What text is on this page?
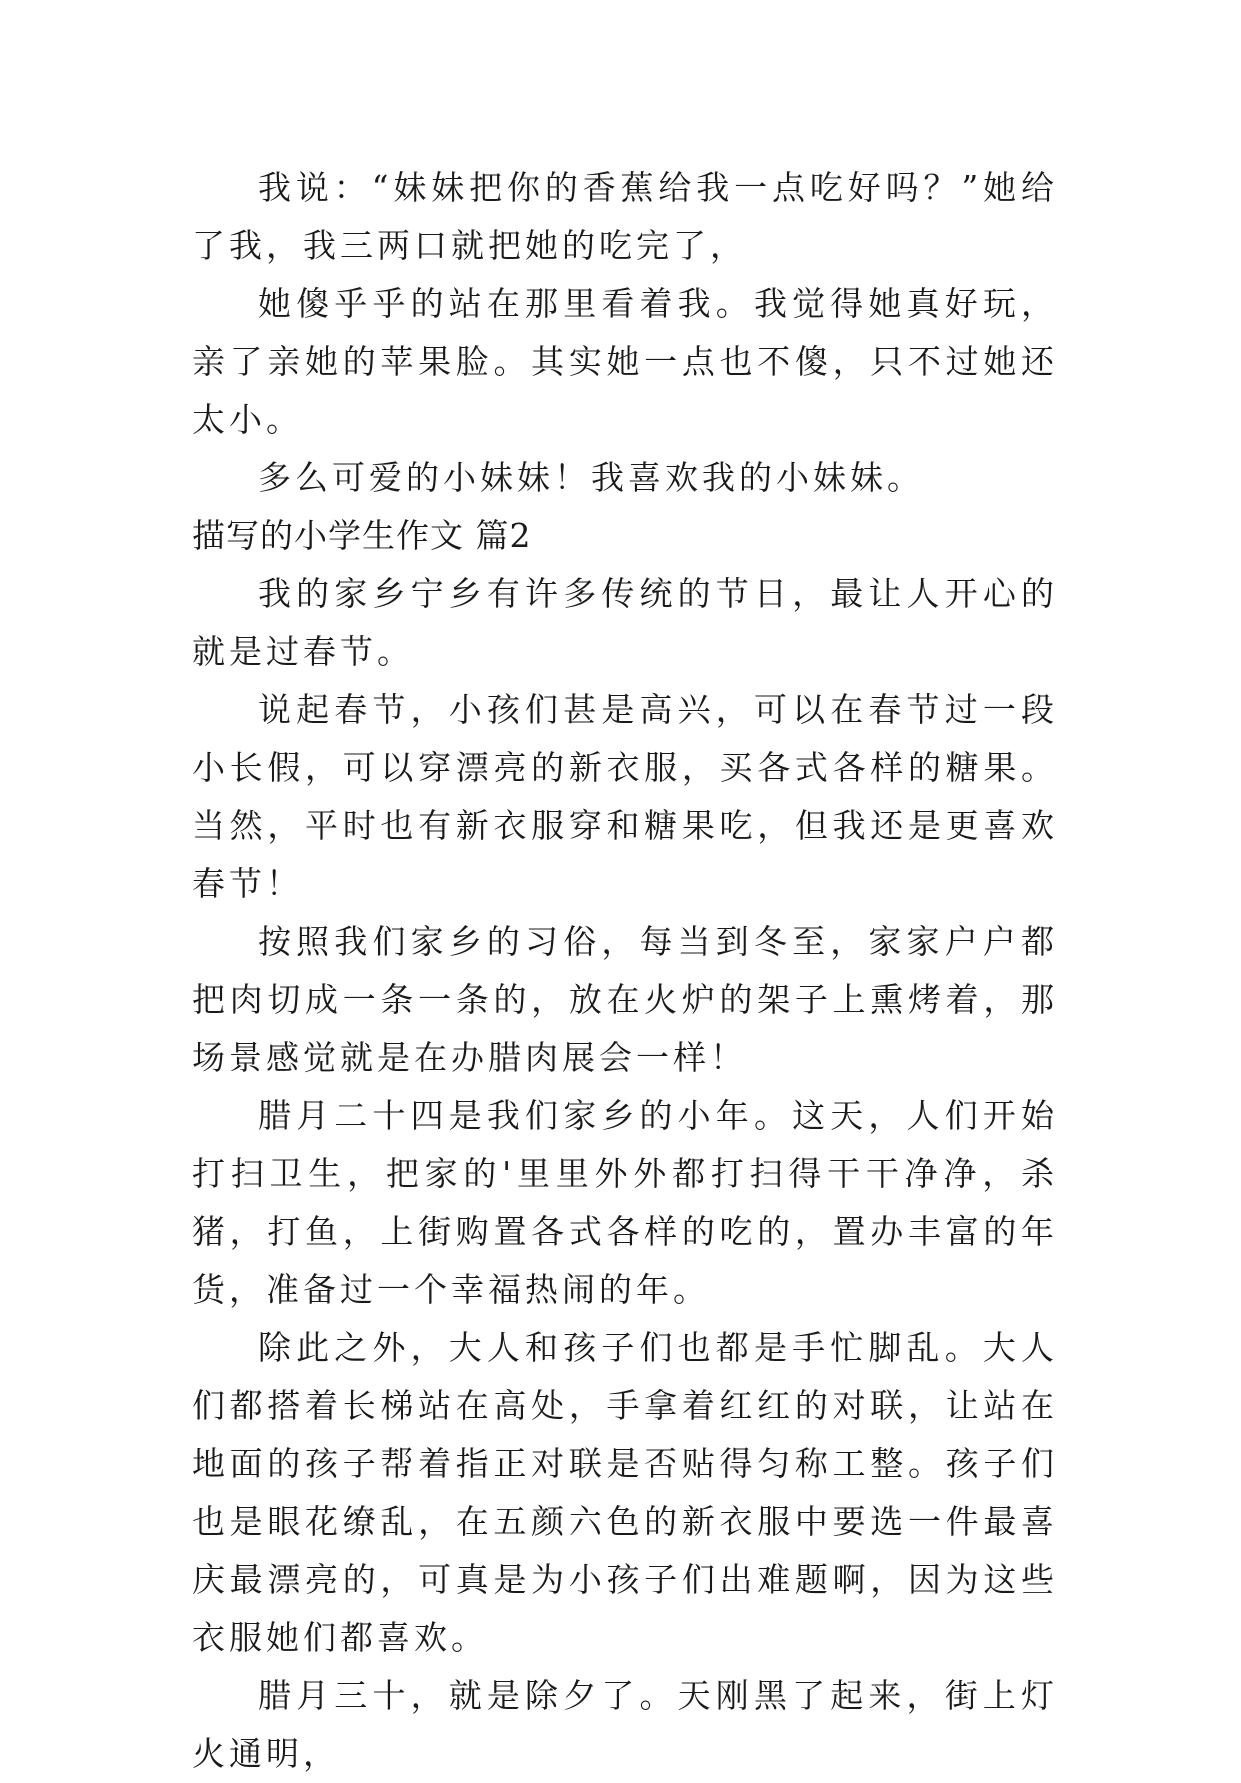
我说：“妹妹把你的香蕉给我一点吃好吗？”她给了我，我三两口就把她的吃完了，

她傻乎乎的站在那里看着我。我觉得她真好玩，亲了亲她的苹果脸。其实她一点也不傻，只不过她还太小。

多么可爱的小妹妹！我喜欢我的小妹妹。

描写的小学生作文 篇2

我的家乡宁乡有许多传统的节日，最让人开心的就是过春节。

说起春节，小孩们甚是高兴，可以在春节过一段小长假，可以穿漂亮的新衣服，买各式各样的糖果。当然，平时也有新衣服穿和糖果吃，但我还是更喜欢春节！

按照我们家乡的习俗，每当到冬至，家家户户都把肉切成一条一条的，放在火炉的架子上熏烤着，那场景感觉就是在办腊肉展会一样！

腊月二十四是我们家乡的小年。这天，人们开始打扫卫生，把家的'里里外外都打扫得干干净净，杀猪，打鱼，上街购置各式各样的吃的，置办丰富的年货，准备过一个幸福热闹的年。

除此之外，大人和孩子们也都是手忙脚乱。大人们都搭着长梯站在高处，手拿着红红的对联，让站在地面的孩子帮着指正对联是否贴得匀称工整。孩子们也是眼花缭乱，在五颜六色的新衣服中要选一件最喜庆最漂亮的，可真是为小孩子们出难题啊，因为这些衣服她们都喜欢。

腊月三十，就是除夕了。天刚黑了起来，街上灯火通明，
